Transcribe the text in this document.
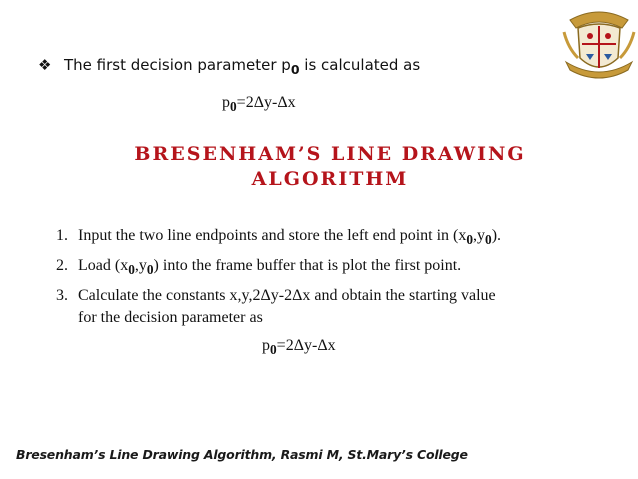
❖ The first decision parameter $p_0$ is calculated as
$p_0=2\Delta y-\Delta x$
BRESENHAM’S LINE DRAWING
ALGORITHM
1. Input the two line endpoints and store the left end point in $(x_0,y_0)$.
2. Load $(x_0,y_0)$ into the frame buffer that is plot the first point.
3. Calculate the constants x,y,2Δy-2Δx and obtain the starting value
for the decision parameter as
$p_0=2\Delta y-\Delta x$
Bresenham’s Line Drawing Algorithm, Rasmi M, St.Mary’s College
